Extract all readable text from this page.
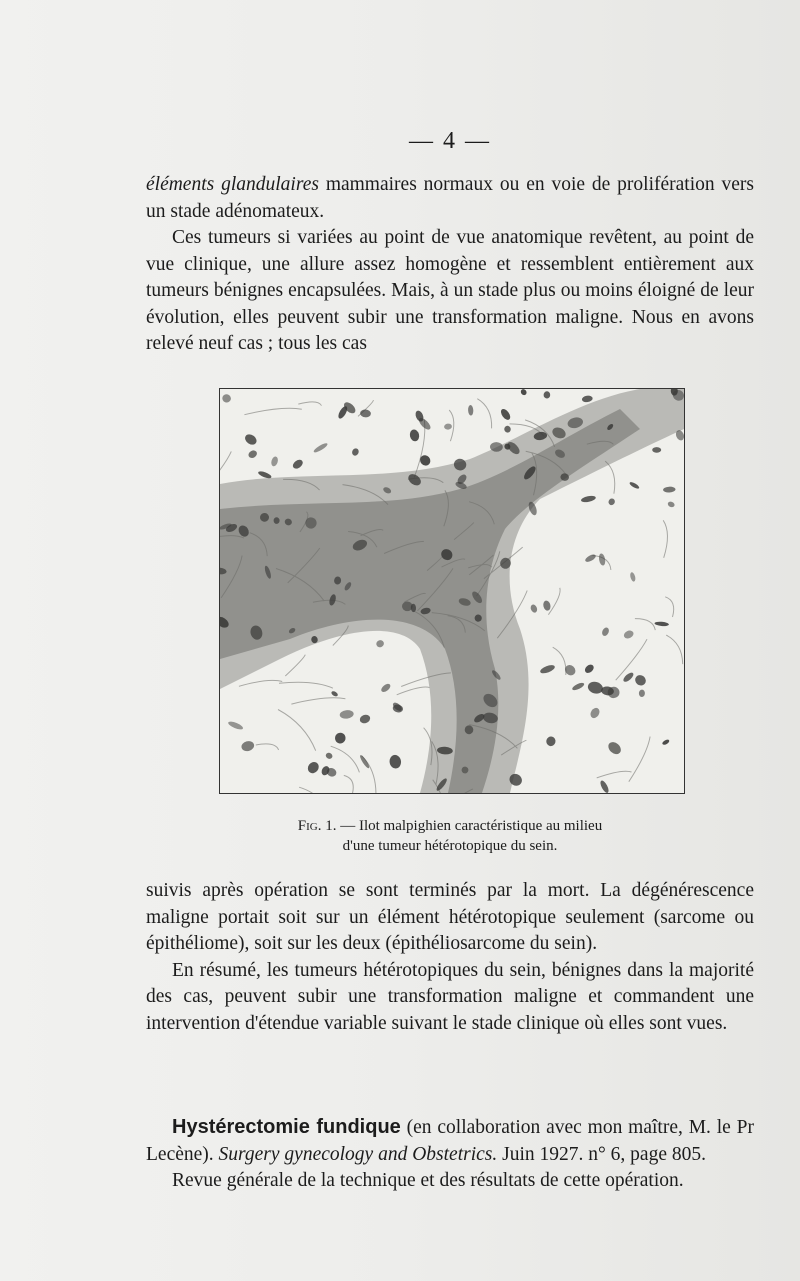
— 4 —

éléments glandulaires mammaires normaux ou en voie de prolifération vers un stade adénomateux.

Ces tumeurs si variées au point de vue anatomique revêtent, au point de vue clinique, une allure assez homogène et ressemblent entièrement aux tumeurs bénignes encapsulées. Mais, à un stade plus ou moins éloigné de leur évolution, elles peuvent subir une transformation maligne. Nous en avons relevé neuf cas ; tous les cas

Fig. 1. — Ilot malpighien caractéristique au milieu
d'une tumeur hétérotopique du sein.

suivis après opération se sont terminés par la mort. La dégénérescence maligne portait soit sur un élément hétérotopique seulement (sarcome ou épithéliome), soit sur les deux (épithéliosarcome du sein).

En résumé, les tumeurs hétérotopiques du sein, bénignes dans la majorité des cas, peuvent subir une transformation maligne et commandent une intervention d'étendue variable suivant le stade clinique où elles sont vues.

Hystérectomie fundique (en collaboration avec mon maître, M. le Pr Lecène). Surgery gynecology and Obstetrics. Juin 1927. n° 6, page 805.

Revue générale de la technique et des résultats de cette opération.
